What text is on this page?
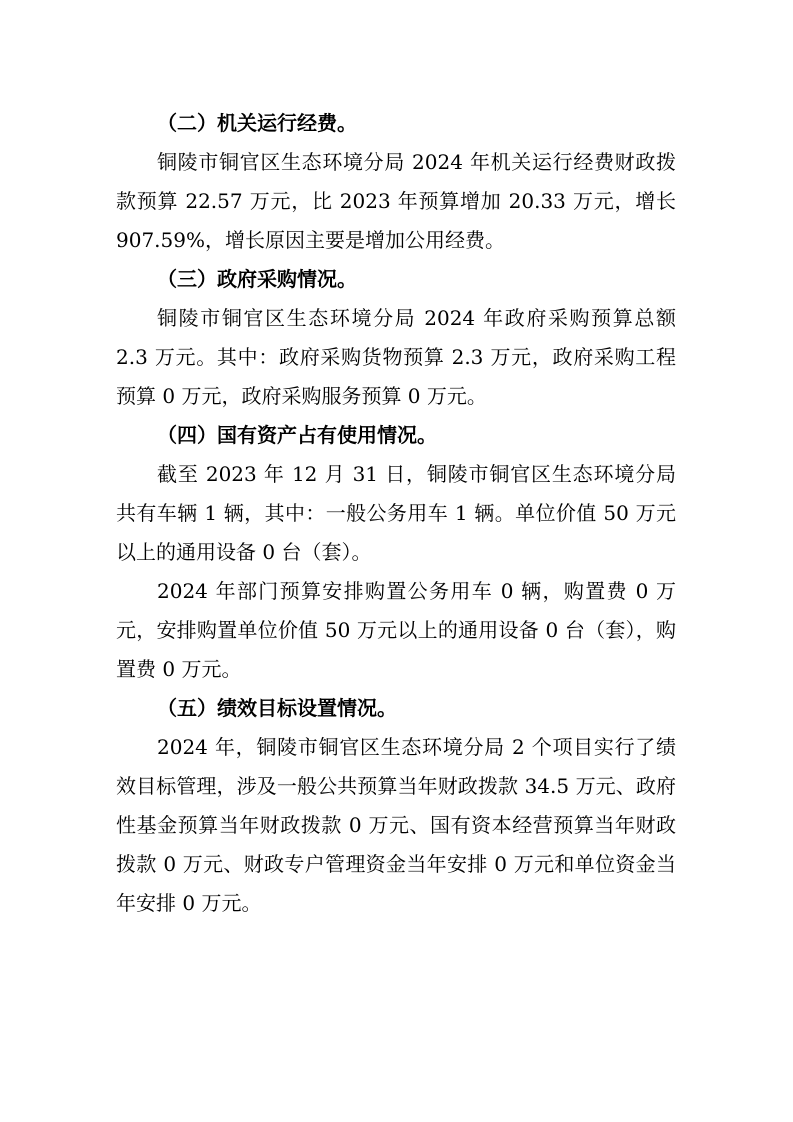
（二）机关运行经费。

铜陵市铜官区生态环境分局 2024 年机关运行经费财政拨款预算 22.57 万元，比 2023 年预算增加 20.33 万元，增长 907.59%，增长原因主要是增加公用经费。

（三）政府采购情况。

铜陵市铜官区生态环境分局 2024 年政府采购预算总额 2.3 万元。其中：政府采购货物预算 2.3 万元，政府采购工程预算 0 万元，政府采购服务预算 0 万元。

（四）国有资产占有使用情况。

截至 2023 年 12 月 31 日，铜陵市铜官区生态环境分局共有车辆 1 辆，其中：一般公务用车 1 辆。单位价值 50 万元以上的通用设备 0 台（套）。

2024 年部门预算安排购置公务用车 0 辆，购置费 0 万元，安排购置单位价值 50 万元以上的通用设备 0 台（套），购置费 0 万元。

（五）绩效目标设置情况。

2024 年，铜陵市铜官区生态环境分局 2 个项目实行了绩效目标管理，涉及一般公共预算当年财政拨款 34.5 万元、政府性基金预算当年财政拨款 0 万元、国有资本经营预算当年财政拨款 0 万元、财政专户管理资金当年安排 0 万元和单位资金当年安排 0 万元。
